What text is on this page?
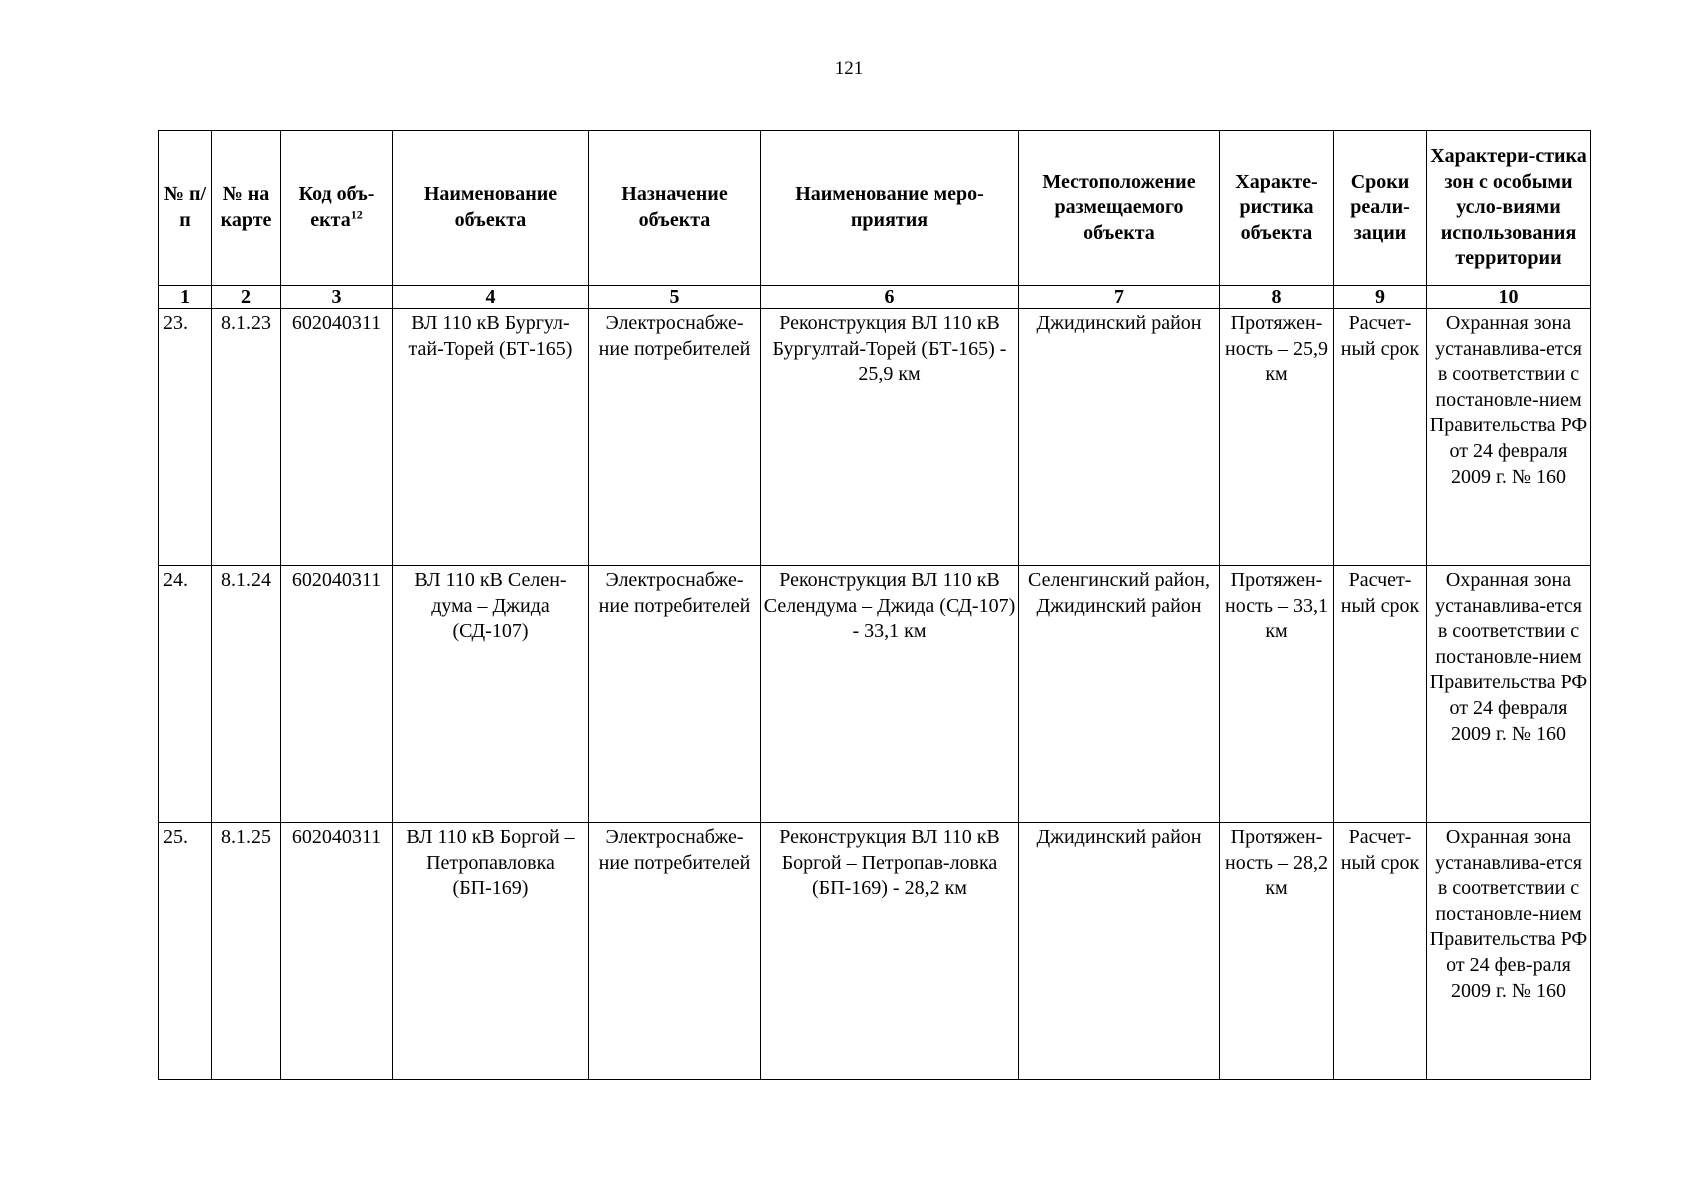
121
№ п/п	№ на карте	Код объ-екта$^{12}$	Наименование объекта	Назначение объекта	Наименование меро-приятия	Местоположение размещаемого объекта	Характе-ристика объекта	Сроки реали-зации	Характери-стика зон с особыми усло-виями использования территории
1	2	3	4	5	6	7	8	9	10
23.	8.1.23	602040311	ВЛ 110 кВ Бургул-тай-Торей (БТ-165)	Электроснабже-ние потребителей	Реконструкция ВЛ 110 кВ Бургултай-Торей (БТ-165) - 25,9 км	Джидинский район	Протяжен-ность – 25,9 км	Расчет-ный срок	Охранная зона устанавлива-ется в соответствии с постановле-нием Правительства РФ от 24 февраля 2009 г. № 160
24.	8.1.24	602040311	ВЛ 110 кВ Селен-дума – Джида (СД-107)	Электроснабже-ние потребителей	Реконструкция ВЛ 110 кВ Селендума – Джида (СД-107) - 33,1 км	Селенгинский район, Джидинский район	Протяжен-ность – 33,1 км	Расчет-ный срок	Охранная зона устанавлива-ется в соответствии с постановле-нием Правительства РФ от 24 февраля 2009 г. № 160
25.	8.1.25	602040311	ВЛ 110 кВ Боргой – Петропавловка (БП-169)	Электроснабже-ние потребителей	Реконструкция ВЛ 110 кВ Боргой – Петропав-ловка (БП-169) - 28,2 км	Джидинский район	Протяжен-ность – 28,2 км	Расчет-ный срок	Охранная зона устанавлива-ется в соответствии с постановле-нием Правительства РФ от 24 фев-раля 2009 г. № 160
